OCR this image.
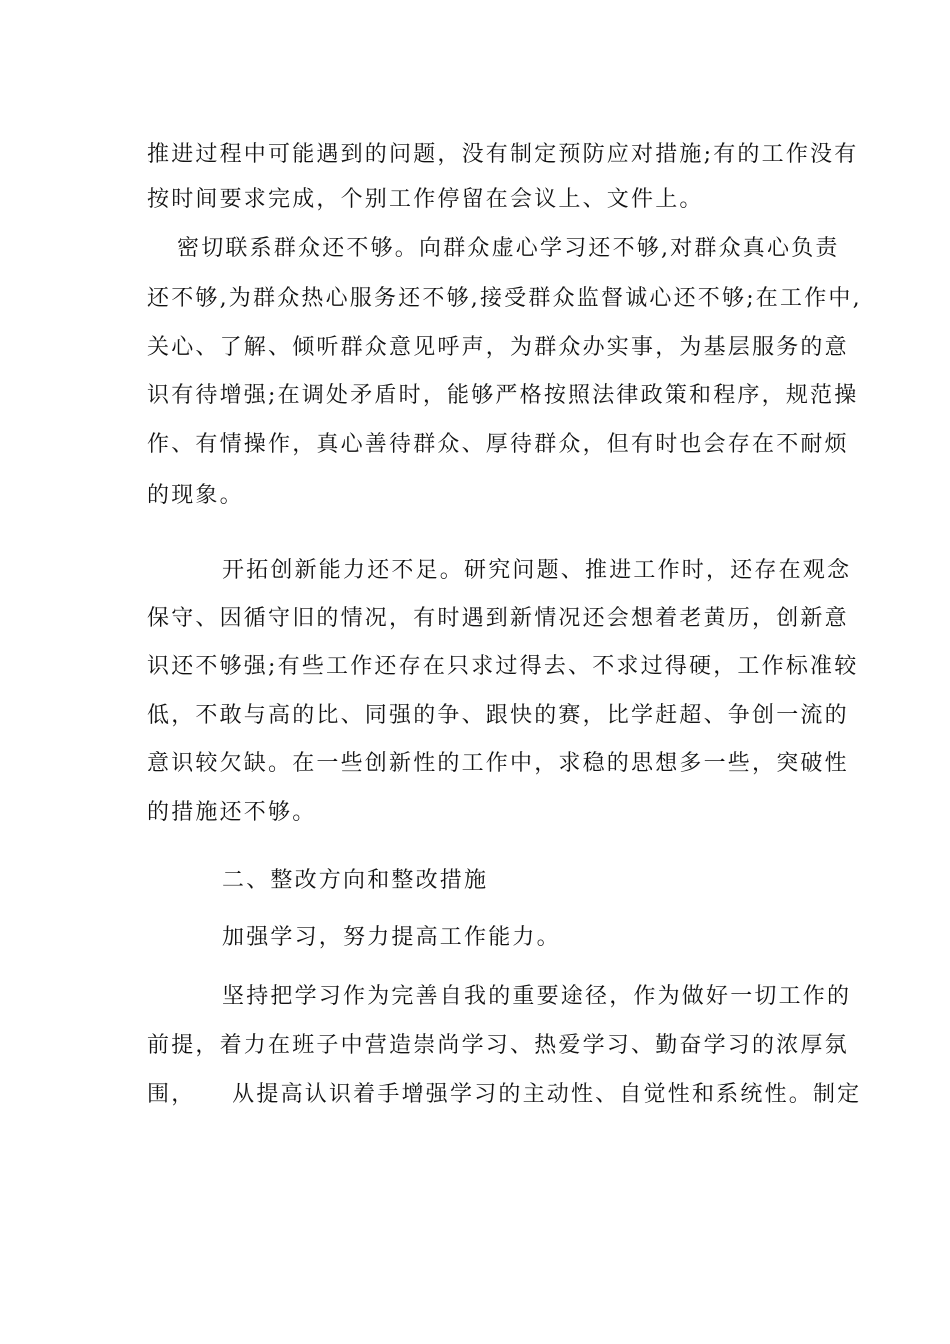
推进过程中可能遇到的问题，没有制定预防应对措施;有的工作没有
按时间要求完成，个别工作停留在会议上、文件上。
密切联系群众还不够。向群众虚心学习还不够,对群众真心负责
还不够,为群众热心服务还不够,接受群众监督诚心还不够;在工作中,
关心、了解、倾听群众意见呼声，为群众办实事，为基层服务的意
识有待增强;在调处矛盾时，能够严格按照法律政策和程序，规范操
作、有情操作，真心善待群众、厚待群众，但有时也会存在不耐烦
的现象。
开拓创新能力还不足。研究问题、推进工作时，还存在观念
保守、因循守旧的情况，有时遇到新情况还会想着老黄历，创新意
识还不够强;有些工作还存在只求过得去、不求过得硬，工作标准较
低，不敢与高的比、同强的争、跟快的赛，比学赶超、争创一流的
意识较欠缺。在一些创新性的工作中，求稳的思想多一些，突破性
的措施还不够。
二、整改方向和整改措施
加强学习，努力提高工作能力。
坚持把学习作为完善自我的重要途径，作为做好一切工作的
前提，着力在班子中营造崇尚学习、热爱学习、勤奋学习的浓厚氛
围，    从提高认识着手增强学习的主动性、自觉性和系统性。制定
